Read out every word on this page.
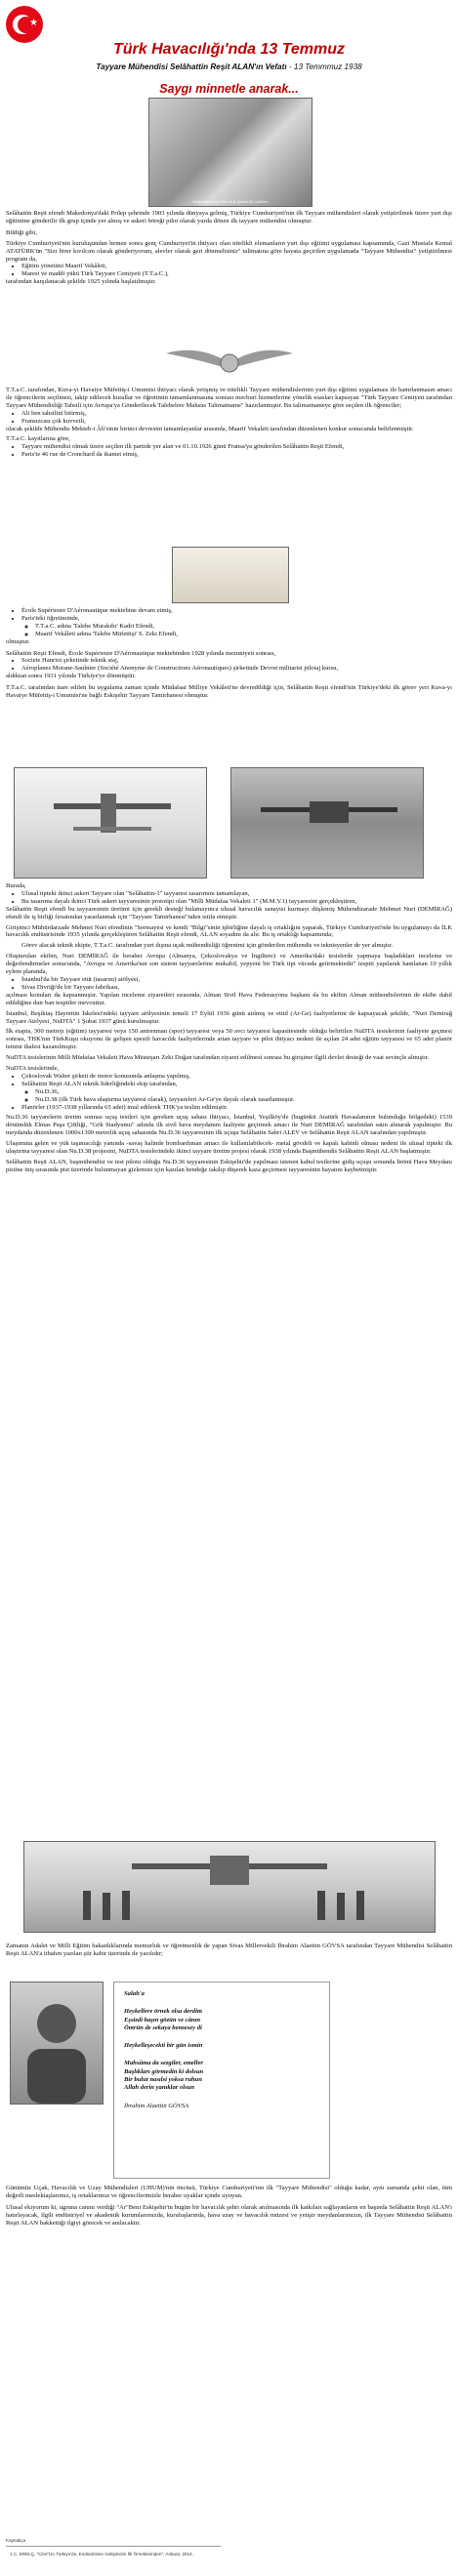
★
Türk Havacılığı'nda 13 Temmuz
Tayyare Mühendisi Selâhattin Reşit ALAN'ın Vefatı - 13 Temmmuz 1938
Saygı minnetle anarak...
Selâhattin Reşit Efendi & Ahmet Ali Çelikten
Selâhattin Reşit efendi Makedonya'daki Prilep şehrinde 1903 yılında dünyaya gelmiş, Türkiye Cumhuriyeti'nin ilk Tayyare mühendisleri olarak yetiştirilmek üzere yurt dışı eğitimine gönderilir ilk grup içinde yer almış ve askeri böreği pilot olarak yurda dönen ilk tayyare mühendisi olmuştur.
Bildiği gibi,
Türkiye Cumhuriyeti'nin kuruluşundan hemen sonra genç Cumhuriyet'in ihtiyacı olan nitelikli elemanların yurt dışı eğitimi uygulaması kapsamında, Gazi Mustafa Kemal ATATÜRK'ün "Sizi birer kıvılcım olarak gönderiyorum, alevler olarak geri dönmelisiniz" talimatına göre hayata geçirilen uygulamada "Tayyare Mühendisi" yetiştirilmesi program da,
• Eğitim yönetimi Maarif Vekâleti,
• Maresi ve maddi yükü Türk Tayyare Cemiyeti (T.T.a.C.),
tarafından karşılanacak şekilde 1925 yılında başlatılmıştır.
T.T.a.C. tarafından, Kuva-yı Havaiye Müfettiş-i Umumisi ihtiyacı olarak yetişmiş ve nitelikli Tayyare mühendislerinin yurt dışı eğitimi uygulaması ile hamrlanmasın amacı ile öğrencilerin seçilmesi, takip edilecek kurallar ve öğretimin tamamlanmasına sonrası mecburi hizmetlerine yönelik esasları kapsayan "Türk Tayyare Cemiyeti tarafından Tayyare Mühendisliği Tahsili için Avrupa'ya Gönderilecek Talebelere Mahsus Talimatname" hazırlanmıştır. Bu talimatnameye göre seçilen ilk öğrenciler;
• Ali ben tahsilini bitirmiş,
• Fransızcası çok kuvvetli,
olacak şekilde Mühendis Mekteb-i Âli'sinin birinci devresini tamamlayanlar arasında, Maarif Vekaleti tarafından düzenlenen konkur sonucunda belirlenmiştir.
T.T.a.C. kayıtlarına göre,
• Tayyare mühendisi olmak üzere seçilen ilk partide yer alan ve 01.10.1926 günü Fransa'ya gönderilen Selâhattin Reşit Efendi,
• Paris'te 46 rue de Cronchard da ikamet etmiş,
• École Supérieure D'Aéronautique mektebine devam etmiş,
• Paris'teki öğretiminde,
◦ T.T.a.C. adına 'Talebe Murakıbı' Kadri Efendi,
◦ Maarif Vekâleti adına 'Talebe Müfettişi' S. Zeki Efendi,
olmuştur.
Selâhattin Reşit Efendi, École Supérieure D'Aéronautique mektebinden 1928 yılında mezuniyeti sonrası,
• Societe Hanriot şirketinde teknik staj,
• Aéroplanes Morane-Saulnier (Société Anonyme de Constructions Aéronautiques) şirketinde Devret militarist pilotaj kursu,
aldıktan sonra 1931 yılında Türkiye'ye dönmüştür.
T.T.a.C. tarafından itare edilen bu uygulama zaman içinde Müdafaai Milliye Vekâleti'ne devredildiği için, Selâhattin Reşit efendi'nin Türkiye'deki ilk görev yeri Kuva-yı Havaiye Müfettiş-i Umumisi'ne bağlı Eskişehir Tayyare Tamirhanesi olmuştur.
Burada,
• Ulusal tipteki ikinci askeri Tayyare olan "Selâhattin-1" tayyaresi tasarımını tamamlayan,
• Bu tasarıma dayalı ikinci Türk askeri tayyaresinin prototipi olan "Milli Müdafaa Vekaleti 1" (M.M.V.1) tayyaresini gerçekleştiren,
Selâhattin Reşit efendi bu tayyaresinin üretimi için gerekli desteği bulamayınca ulusal havacılık sanayisi kurmayı düşlemiş Mühendizarade Mehmet Nuri (DEMİRAĞ) efendi ile iş birliği fırsatından yararlanmak için "Tayyare Tamirhanesi"nden istifa etmiştir.
Girişimci Mühürdarzade Mehmet Nuri efendinin "Sermayesi ve kendi "Bilgi"sinin işbirliğine dayalı iş ortaklığını yaparak, Türkiye Cumhuriyeti'nde bu uygulamayı da İLK havacılık endüstrisinde 1935 yılında gerçekleştiren Selâhattin Reşit efendi, ALAN soyadını da alır. Bu iş ortaklığı kapsamında;
Görev alacak teknik ekipte, T.T.a.C. tarafından yurt dışına uçak mühendisliği öğrenimi için gönderilen mühendis ve teknisyenler de yer almıştır.
Oluşturulan ekibin, Nuri DEMİRAĞ ile beraber Avrupa (Almanya, Çekoslovakya ve İngiltere) ve Amerika'daki tesislerde yapmaya başladıkları inceleme ve değerlendirmeler sonucunda, "Avrupa ve Amerika'nın son sistem tayyarelerine mukabil, yepyeni bir Türk tipi vücuda getirmektedir" tespiti yapılarak hamlanan 10 yıllık eylem planında,
• İstanbul'da bir Tayyare etüt (tasarım) atölyesi,
• Sivas Divriği'de bir Tayyare fabrikası,
açılması konuları da kapsanmıştır. Yapılan inceleme ziyaretleri sırasında, Alman Sivil Hava Federasyonu başkanı da bu ekibin Alman mühendislerinin de ekibe dahil edildiğine dair ban tespitler mevcuttur.
İstanbul, Beşiktaş Hayrettin İskelesi'ndeki tayyare atölyesinin temeli 17 Eylül 1936 günü atılmış ve ettid (Ar-Ge) faaliyetlerini de kapsayacak şekilde, "Nuri Demirağ Tayyare Atelyesi, NuDTA" 1 Şubat 1937 günü kurulmuştur.
İlk etapta, 300 metrejı (eğitim) tayyaresi veya 150 antrenman (spor) tayyaresi veya 50 avcı tayyaresi kapasitesinde olduğu belirtilen NuDTA tesislerinin faaliyete geçmesi sonrası, THK'nın TürkKuşu okuyonu ile gelişen spesifi havacılık faaliyetlerinde artan tayyare ve pilot ihtiyacı nedeni ile açılan 24 adet eğitim tayyaresi ve 65 adet planör temini ihalesi kazanılmıştır.
NuDTA tesislerinin Milli Müdafaa Vekaleti Hava Müsteşarı Zeki Doğan tarafından ziyaret edilmesi sonrası bu girişime ilgili devlet desteği de vaat sevinçle almıştır.
NuDTA tesislerinde,
• Çekoslovak Walter şirketi de motor konusunda anlaşma yapılmış,
• Selâhattin Reşit ALAN teknik liderliğindeki ekip tarafından,
◦ Nu.D.36,
◦ Nu.D.38 (ilk Türk hava ulaştırma tayyaresi olarak), tayyareleri Ar-Ge'ye dayalı olarak tasarlanmıştır.
• Planörler (1937-1938 yıllarında 65 adet) imal edilerek THK'ya teslim edilmiştir.
Nu.D.36 tayyarelerin üretim sonrası uçuş testleri için gereken uçuş sahası ihtiyacı, İstanbul, Yeşilköy'de (bugünkü Atatürk Havaalanının bulunduğu bölgedeki) 1539 dönümlük Elmas Paşa Çiftliği, "Gök Stadyumu" adında ilk sivil hava meydanını faaliyete geçirmek amacı ile Nuri DEMİRAĞ tarafından satın alınarak yapılmıştır. Bu meydanda düzenlenen 1000x1300 metrelik uçuş sahasında Nu.D.36 tayyaresinin ilk uçuşu Selâhattin Sabri ALEV ve Selâhattin Reşit ALAN tarafından yapılmıştır.
Ulaşımına gelen ve yük taşımacılığı yanında -savaş halinde bombardıman amacı ile kullanılabilecek- metal gövdeli ve kapalı kabinli olması nedeni ile ulusal tipteki ilk ulaştırma tayyaresi olan Nu.D.38 projesini, NuDTA tesislerindeki ikinci tayyare üretim projesi olarak 1938 yılında Başmühendis Selâhattin Reşit ALAN başlatmıştır.
Selâhattin Reşit ALAN, başmühendisi ve test pilotu olduğu Nu.D.36 tayyaresinin Eskişehir'de yapılması istenen kabul testlerine gidiş uçuşu sonunda İnönü Hava Meydanı pistine iniş sırasında pist üzerinde bulunmayan gizlemsiz için kazılan hendeğe takılıp düşerek kaza geçirmesi tayyaresinin hayatını kaybetmiştir.
Zamanın Adalet ve Milli Eğitim bakanlıklarında memurluk ve öğretmenlik de yapan Sivas Milletvekili İbrahim Alaettin GÖVSA tarafından Tayyare Mühendisi Selâhattin Reşit ALAN'a ithafen yazılan şiir kabir üzerinde de yazılıdır;
Salah'a
Heykellere örnek olsa derdim
Eşsizdi başın gözün ve cânın
Ömrün de sekaya benzesey di
Heykelleşecekti bir gün ismin
Mahsûma da sezgiler, emeller
Başlıkları görmedin ki dolsun
Bir bulut nasılsi yoksa ruhun
Allah derin yanıklar olsun
İbrahim Alaettin GÖVSA
Günümüz Uçak, Havacılık ve Uzay Mühendisleri (UHUM)'nin öncüsü, Türkiye Cumhuriyeti'nin ilk "Tayyare Mühendisi" olduğu kadar, aynı zamanda şehit olan, tüm değerli meslektaşlarımız, iş ortaklarımız ve öğrencilerimizle beraber uyaklar içinde uyuyun.
Ulusal ekiyorum ki, ugruna canını verdiği "Ar"Beni Eskişehir'in bugün bir havacılık şehri olarak anılmasında ilk katkıları sağlayanların en başında Selâhattin Reşit ALAN'ı hatırlayacak, ilgili endüstriyel ve akademik kurumlarımızda, kuruluşlarında, hava uzay ve havacılık müzesi ve yetişir meydanlarımızın, ilk Tayyare Mühendisi Selâhattin Reşit ALAN hakkettiği ilgiyi görecek ve anılacaktır.
Kaynakça
1 C. ERELÇ, "Cins"Un Türkiye'de, Endüstrisine Gelişimizin İlk Örneklerinden", Ankara, 2014.
